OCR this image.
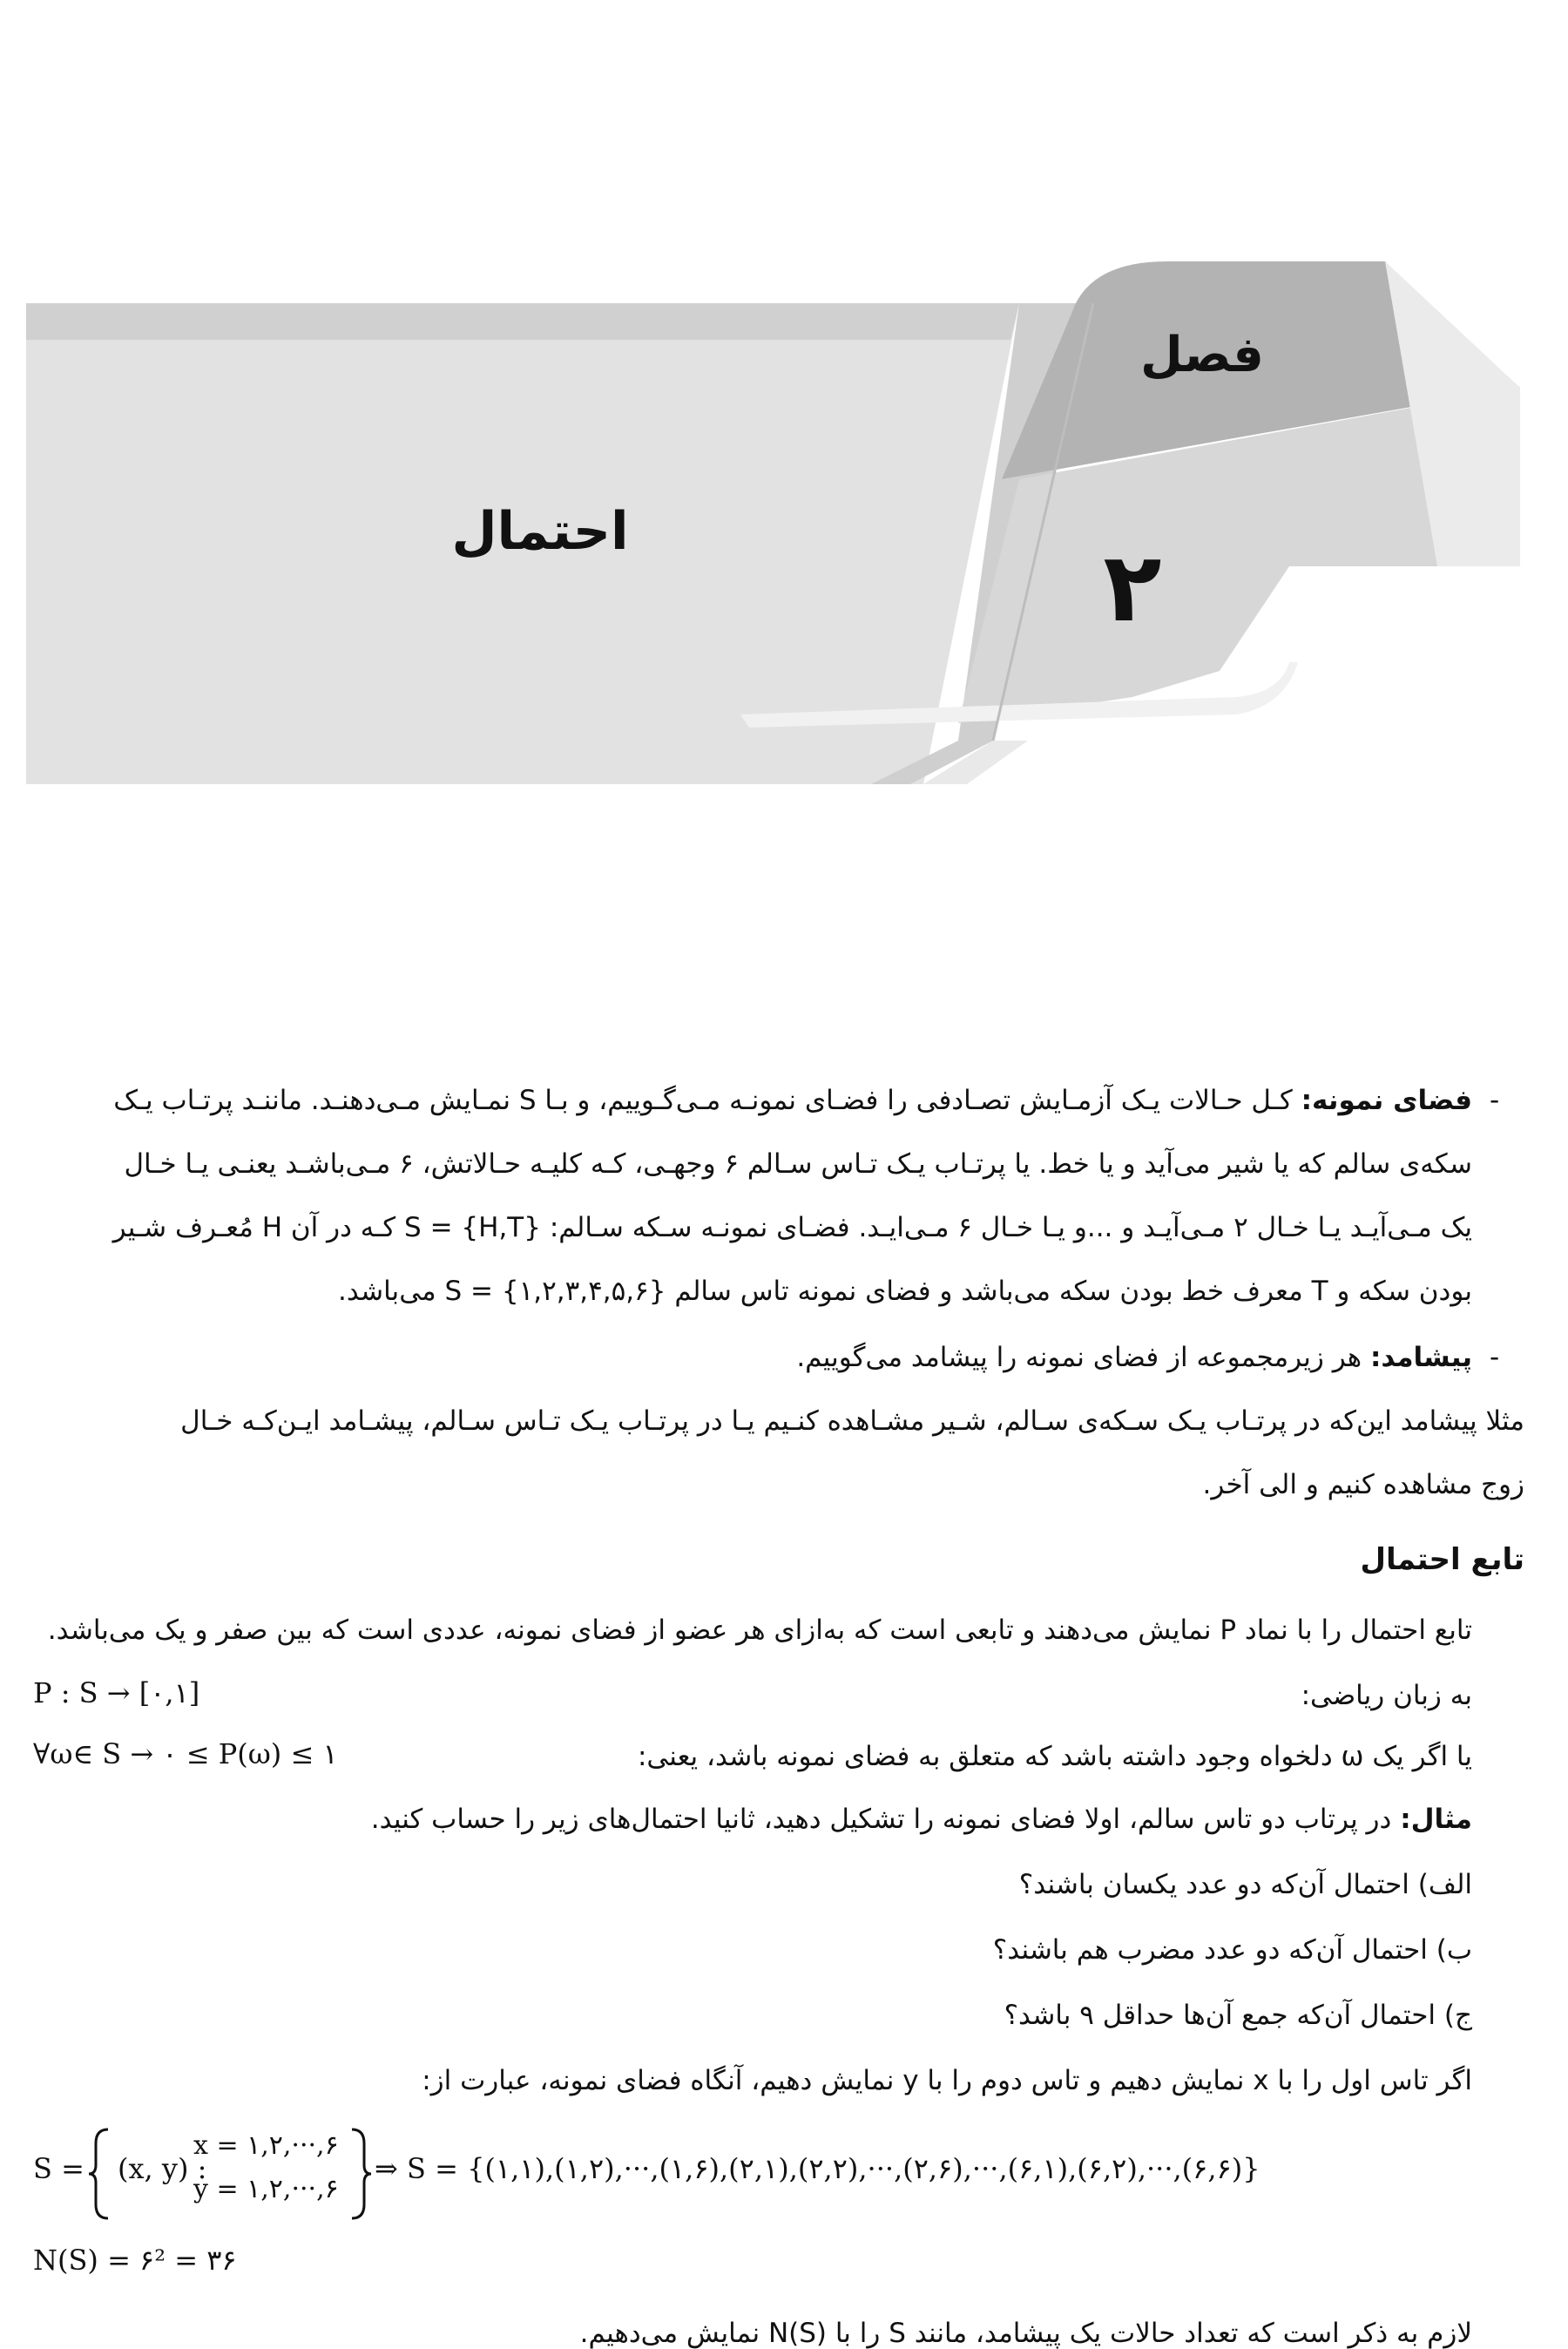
فصل
۲
احتمال
-
فضای نمونه: کـل حـالات یـک آزمـایش تصـادفی را فضـای نمونـه مـی‌گـوییم، و بـا S نمـایش مـی‌دهنـد. ماننـد پرتـاب یـک
سکه‌ی سالم که یا شیر می‌آید و یا خط. یا پرتـاب یـک تـاس سـالم ۶ وجهـی، کـه کلیـه حـالاتش، ۶ مـی‌باشـد یعنـی یـا خـال
یک مـی‌آیـد یـا خـال ۲ مـی‌آیـد و ...و یـا خـال ۶ مـی‌ایـد. فضـای نمونـه سـکه سـالم: S = {H,T} کـه در آن H مُعـرف شـیر
بودن سکه و T معرف خط بودن سکه می‌باشد و فضای نمونه تاس سالم {۱,۲,۳,۴,۵,۶} = S می‌باشد.
-
پیشامد: هر زیرمجموعه از فضای نمونه را پیشامد می‌گوییم.
مثلا پیشامد این‌که در پرتـاب یـک سـکه‌ی سـالم، شـیر مشـاهده کنـیم یـا در پرتـاب یـک تـاس سـالم، پیشـامد ایـن‌کـه خـال
زوج مشاهده کنیم و الی آخر.
تابع احتمال
تابع احتمال را با نماد P نمایش می‌دهند و تابعی است که به‌ازای هر عضو از فضای نمونه، عددی است که بین صفر و یک می‌باشد.
به زبان ریاضی:
P : S → [۰,۱]
یا اگر یک ω دلخواه وجود داشته باشد که متعلق به فضای نمونه باشد، یعنی:
∀ω∈ S → ۰ ≤ P(ω) ≤ ۱
مثال: در پرتاب دو تاس سالم، اولا فضای نمونه را تشکیل دهید، ثانیا احتمال‌های زیر را حساب کنید.
الف) احتمال آن‌که دو عدد یکسان باشند؟
ب) احتمال آن‌که دو عدد مضرب هم باشند؟
ج) احتمال آن‌که جمع آن‌ها حداقل ۹ باشد؟
اگر تاس اول را با x نمایش دهیم و تاس دوم را با y نمایش دهیم، آنگاه فضای نمونه، عبارت از:
S = (x, y) :
x = ۱,۲,···,۶
y = ۱,۲,···,۶
⇒ S = {(۱,۱),(۱,۲),···,(۱,۶),(۲,۱),(۲,۲),···,(۲,۶),···,(۶,۱),(۶,۲),···,(۶,۶)}
N(S) = ۶² = ۳۶
لازم به ذکر است که تعداد حالات یک پیشامد، مانند S را با N(S) نمایش می‌دهیم.
